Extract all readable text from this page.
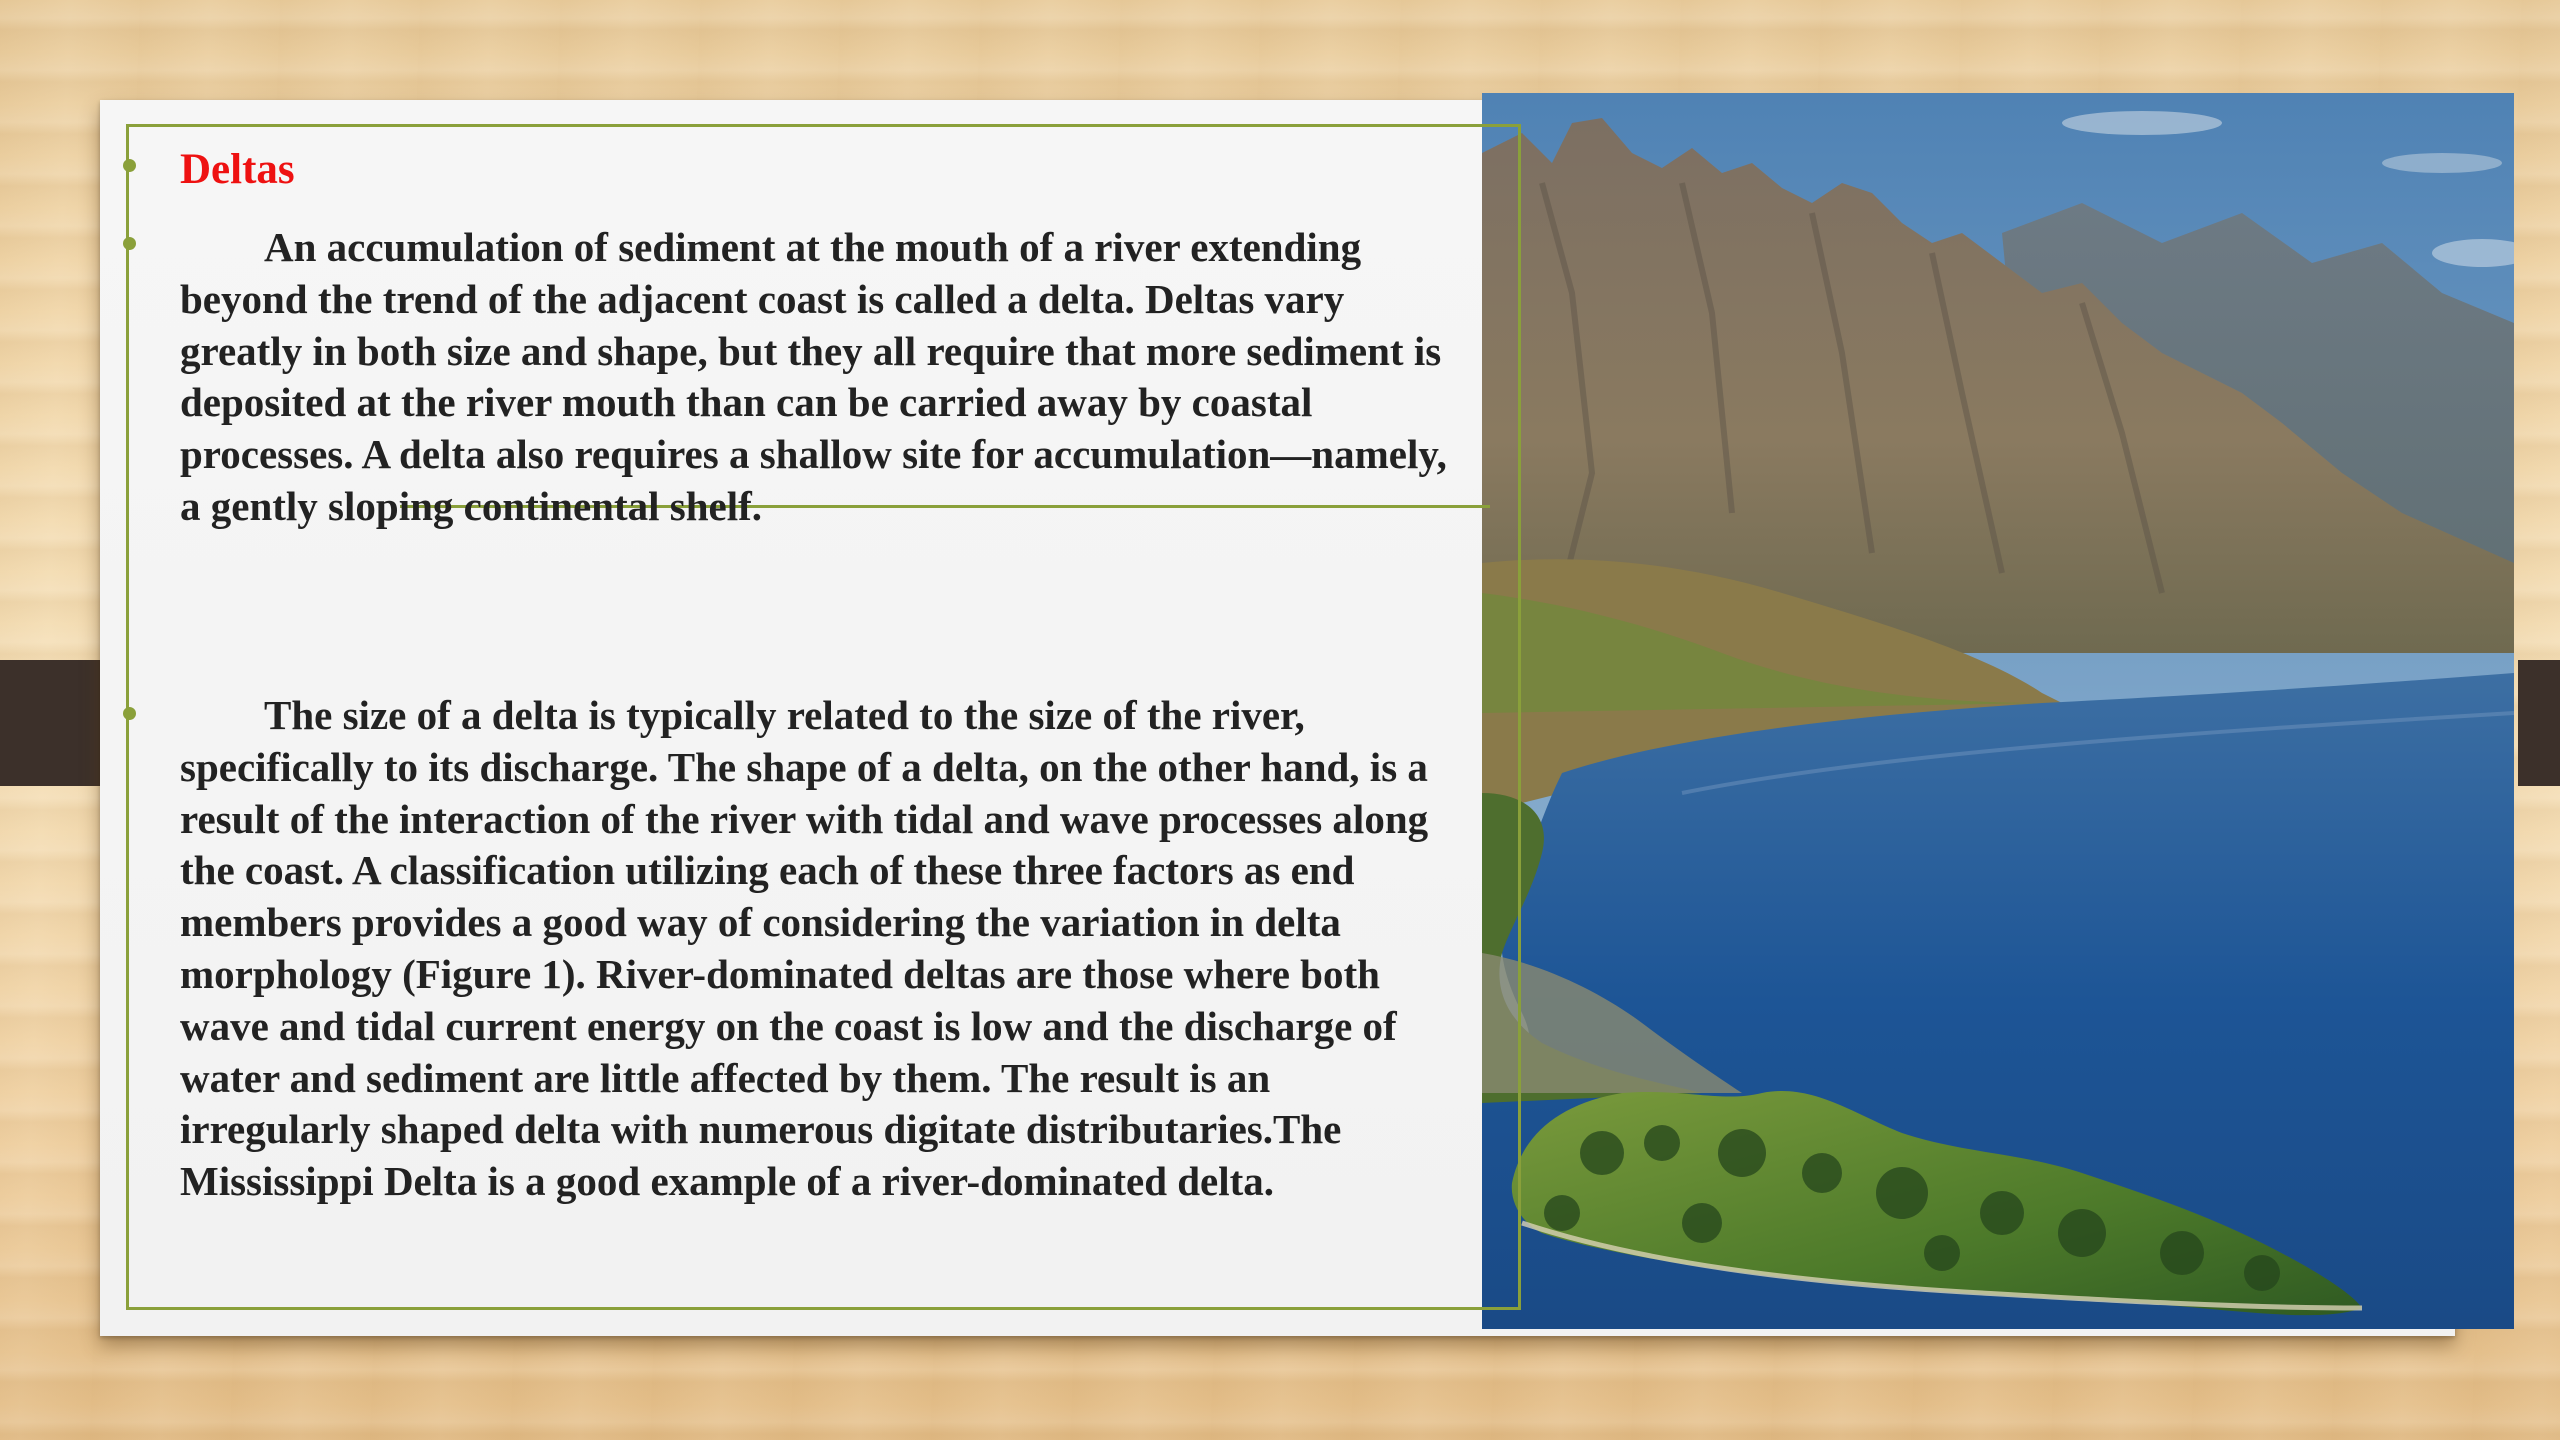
Deltas

An accumulation of sediment at the mouth of a river extending beyond the trend of the adjacent coast is called a delta. Deltas vary greatly in both size and shape, but they all require that more sediment is deposited at the river mouth than can be carried away by coastal processes. A delta also requires a shallow site for accumulation—namely, a gently sloping continental shelf.

The size of a delta is typically related to the size of the river, specifically to its discharge. The shape of a delta, on the other hand, is a result of the interaction of the river with tidal and wave processes along the coast. A classification utilizing each of these three factors as end members provides a good way of considering the variation in delta morphology (Figure 1). River-dominated deltas are those where both wave and tidal current energy on the coast is low and the discharge of water and sediment are little affected by them. The result is an irregularly shaped delta with numerous digitate distributaries.The Mississippi Delta is a good example of a river-dominated delta.
